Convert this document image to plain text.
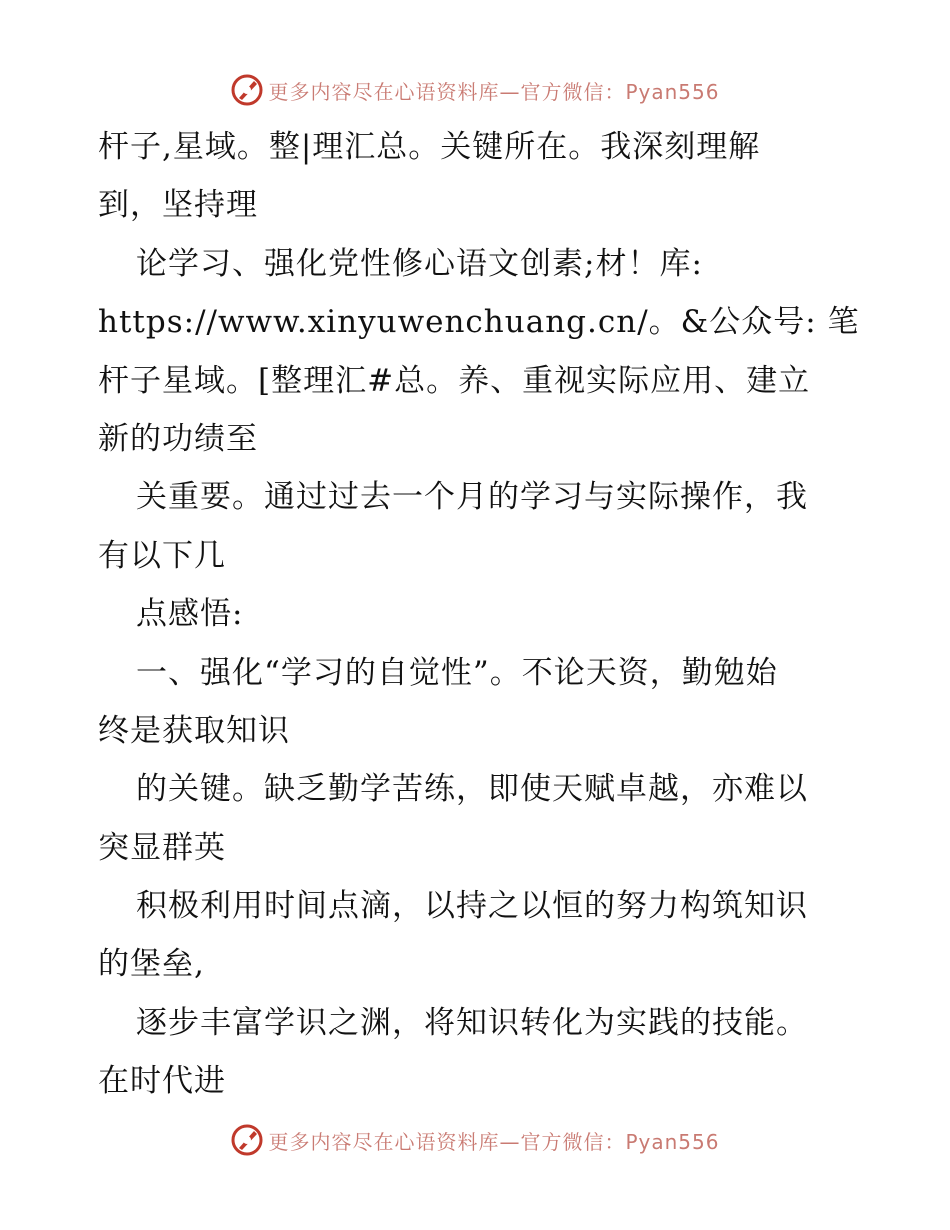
更多内容尽在心语资料库—官方微信：Pyan556
杆子,星域。整|理汇总。关键所在。我深刻理解
到，坚持理
论学习、强化党性修心语文创素;材！库:
https://www.xinyuwenchuang.cn/。&公众号: 笔
杆子星域。[整理汇#总。养、重视实际应用、建立
新的功绩至
关重要。通过过去一个月的学习与实际操作，我
有以下几
点感悟:
一、强化“学习的自觉性”。不论天资，勤勉始
终是获取知识
的关键。缺乏勤学苦练，即使天赋卓越，亦难以
突显群英
积极利用时间点滴，以持之以恒的努力构筑知识
的堡垒,
逐步丰富学识之渊，将知识转化为实践的技能。
在时代进
更多内容尽在心语资料库—官方微信：Pyan556
